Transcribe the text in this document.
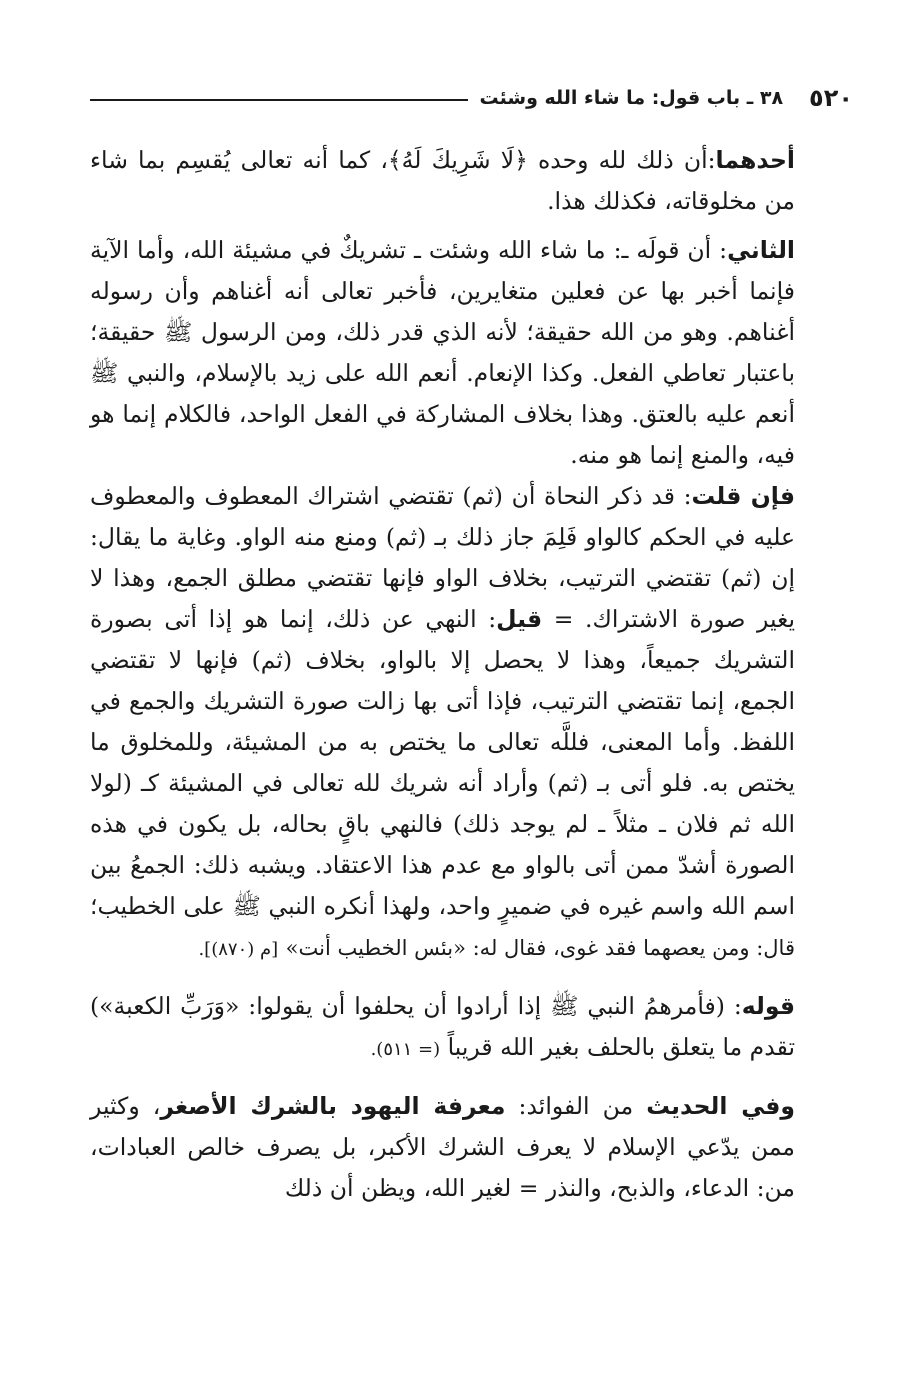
٥٢٠
٣٨ ـ باب قول: ما شاء الله وشئت

أحدهما:أن ذلك لله وحده ﴿لَا شَرِيكَ لَهُ﴾، كما أنه تعالى يُقسِم بما شاء من مخلوقاته، فكذلك هذا.

الثاني: أن قولَه ـ: ما شاء الله وشئت ـ تشريكٌ في مشيئة الله، وأما الآية فإنما أخبر بها عن فعلين متغايرين، فأخبر تعالى أنه أغناهم وأن رسوله أغناهم. وهو من الله حقيقة؛ لأنه الذي قدر ذلك، ومن الرسول ﷺ حقيقة؛ باعتبار تعاطي الفعل. وكذا الإنعام. أنعم الله على زيد بالإسلام، والنبي ﷺ أنعم عليه بالعتق. وهذا بخلاف المشاركة في الفعل الواحد، فالكلام إنما هو فيه، والمنع إنما هو منه.

فإن قلت: قد ذكر النحاة أن (ثم) تقتضي اشتراك المعطوف والمعطوف عليه في الحكم كالواو فَلِمَ جاز ذلك بـ (ثم) ومنع منه الواو. وغاية ما يقال: إن (ثم) تقتضي الترتيب، بخلاف الواو فإنها تقتضي مطلق الجمع، وهذا لا يغير صورة الاشتراك. = قيل: النهي عن ذلك، إنما هو إذا أتى بصورة التشريك جميعاً، وهذا لا يحصل إلا بالواو، بخلاف (ثم) فإنها لا تقتضي الجمع، إنما تقتضي الترتيب، فإذا أتى بها زالت صورة التشريك والجمع في اللفظ. وأما المعنى، فللَّه تعالى ما يختص به من المشيئة، وللمخلوق ما يختص به. فلو أتى بـ (ثم) وأراد أنه شريك لله تعالى في المشيئة كـ (لولا الله ثم فلان ـ مثلاً ـ لم يوجد ذلك) فالنهي باقٍ بحاله، بل يكون في هذه الصورة أشدّ ممن أتى بالواو مع عدم هذا الاعتقاد. ويشبه ذلك: الجمعُ بين اسم الله واسم غيره في ضميرٍ واحد، ولهذا أنكره النبي ﷺ على الخطيب؛ قال: ومن يعصهما فقد غوى، فقال له: «بئس الخطيب أنت» [م (٨٧٠)].

قوله: (فأمرهمُ النبي ﷺ إذا أرادوا أن يحلفوا أن يقولوا: «وَرَبِّ الكعبة») تقدم ما يتعلق بالحلف بغير الله قريباً (= ٥١١).

وفي الحديث من الفوائد: معرفة اليهود بالشرك الأصغر، وكثير ممن يدّعي الإسلام لا يعرف الشرك الأكبر، بل يصرف خالص العبادات، من: الدعاء، والذبح، والنذر = لغير الله، ويظن أن ذلك
